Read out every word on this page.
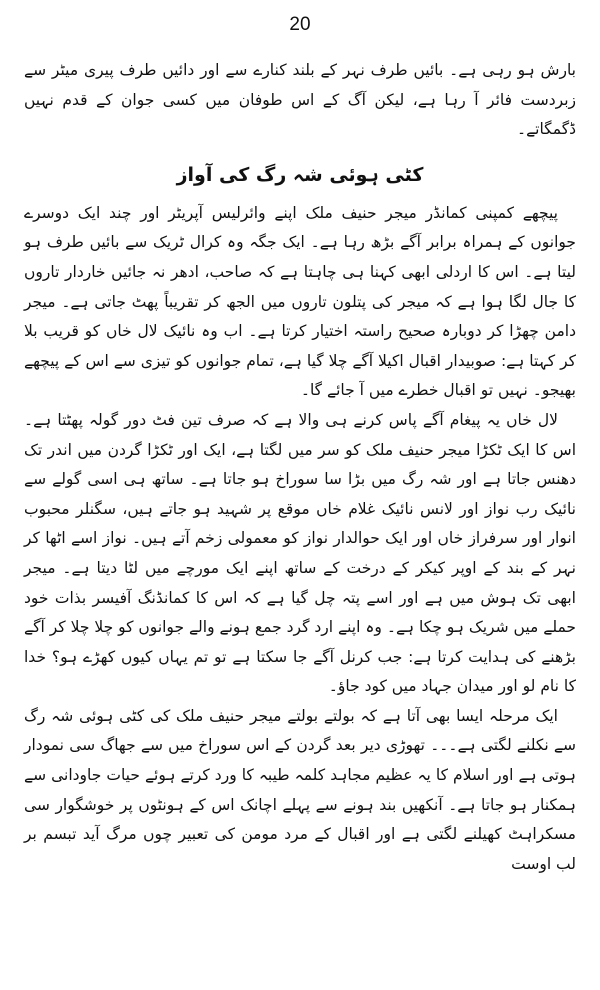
20

بارش ہو رہی ہے۔ بائیں طرف نہر کے بلند کنارے سے اور دائیں طرف پیری میٹر سے زبردست فائر آ رہا ہے، لیکن آگ کے اس طوفان میں کسی جوان کے قدم نہیں ڈگمگاتے۔

کٹی ہوئی شہ رگ کی آواز

پیچھے کمپنی کمانڈر میجر حنیف ملک اپنے وائرلیس آپریٹر اور چند ایک دوسرے جوانوں کے ہمراہ برابر آگے بڑھ رہا ہے۔ ایک جگہ وہ کرال ٹریک سے بائیں طرف ہو لیتا ہے۔ اس کا اردلی ابھی کہنا ہی چاہتا ہے کہ صاحب، ادھر نہ جائیں خاردار تاروں کا جال لگا ہوا ہے کہ میجر کی پتلون تاروں میں الجھ کر تقریباً پھٹ جاتی ہے۔ میجر دامن چھڑا کر دوبارہ صحیح راستہ اختیار کرتا ہے۔ اب وہ نائیک لال خاں کو قریب بلا کر کہتا ہے: صوبیدار اقبال اکیلا آگے چلا گیا ہے، تمام جوانوں کو تیزی سے اس کے پیچھے بھیجو۔ نہیں تو اقبال خطرے میں آ جائے گا۔

لال خاں یہ پیغام آگے پاس کرنے ہی والا ہے کہ صرف تین فٹ دور گولہ پھٹتا ہے۔ اس کا ایک ٹکڑا میجر حنیف ملک کو سر میں لگتا ہے، ایک اور ٹکڑا گردن میں اندر تک دھنس جاتا ہے اور شہ رگ میں بڑا سا سوراخ ہو جاتا ہے۔ ساتھ ہی اسی گولے سے نائیک رب نواز اور لانس نائیک غلام خاں موقع پر شہید ہو جاتے ہیں، سگنلر محبوب انوار اور سرفراز خاں اور ایک حوالدار نواز کو معمولی زخم آتے ہیں۔ نواز اسے اٹھا کر نہر کے بند کے اوپر کیکر کے درخت کے ساتھ اپنے ایک مورچے میں لٹا دیتا ہے۔ میجر ابھی تک ہوش میں ہے اور اسے پتہ چل گیا ہے کہ اس کا کمانڈنگ آفیسر بذات خود حملے میں شریک ہو چکا ہے۔ وہ اپنے ارد گرد جمع ہونے والے جوانوں کو چلا چلا کر آگے بڑھنے کی ہدایت کرتا ہے: جب کرنل آگے جا سکتا ہے تو تم یہاں کیوں کھڑے ہو؟ خدا کا نام لو اور میدان جہاد میں کود جاؤ۔

ایک مرحلہ ایسا بھی آتا ہے کہ بولتے بولتے میجر حنیف ملک کی کٹی ہوئی شہ رگ سے نکلنے لگتی ہے۔۔۔ تھوڑی دیر بعد گردن کے اس سوراخ میں سے جھاگ سی نمودار ہوتی ہے اور اسلام کا یہ عظیم مجاہد کلمہ طیبہ کا ورد کرتے ہوئے حیات جاودانی سے ہمکنار ہو جاتا ہے۔ آنکھیں بند ہونے سے پہلے اچانک اس کے ہونٹوں پر خوشگوار سی مسکراہٹ کھیلنے لگتی ہے اور اقبال کے مرد مومن کی تعبیر چوں مرگ آید تبسم بر لب اوست
